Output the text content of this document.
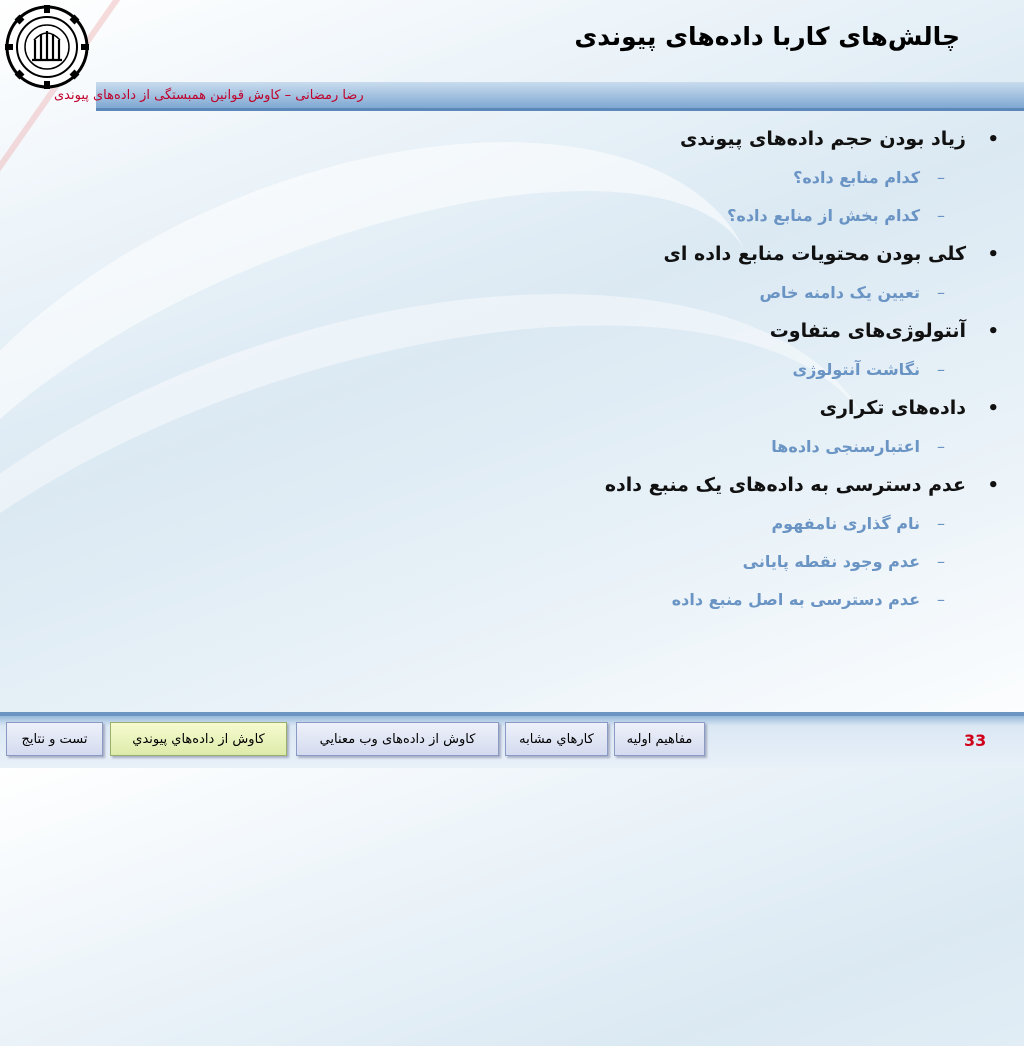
چالش‌های کاربا داده‌های پیوندی
رضا رمضانی – کاوش قوانین همبستگی از داده‌های پیوندی
•
زیاد بودن حجم داده‌های پیوندی
–
کدام منابع داده؟
–
کدام بخش از منابع داده؟
•
کلی بودن محتویات منابع داده ای
–
تعیین یک دامنه خاص
•
آنتولوژی‌های متفاوت
–
نگاشت آنتولوژی
•
داده‌های تکراری
–
اعتبارسنجی داده‌ها
•
عدم دسترسی به داده‌های یک منبع داده
–
نام گذاری نامفهوم
–
عدم وجود نقطه پایانی
–
عدم دسترسی به اصل منبع داده
مفاهیم اولیه
کارهاي مشابه
کاوش از داده‌های وب معنايي
کاوش از داده‌هاي پيوندي
تست و نتايج	33
